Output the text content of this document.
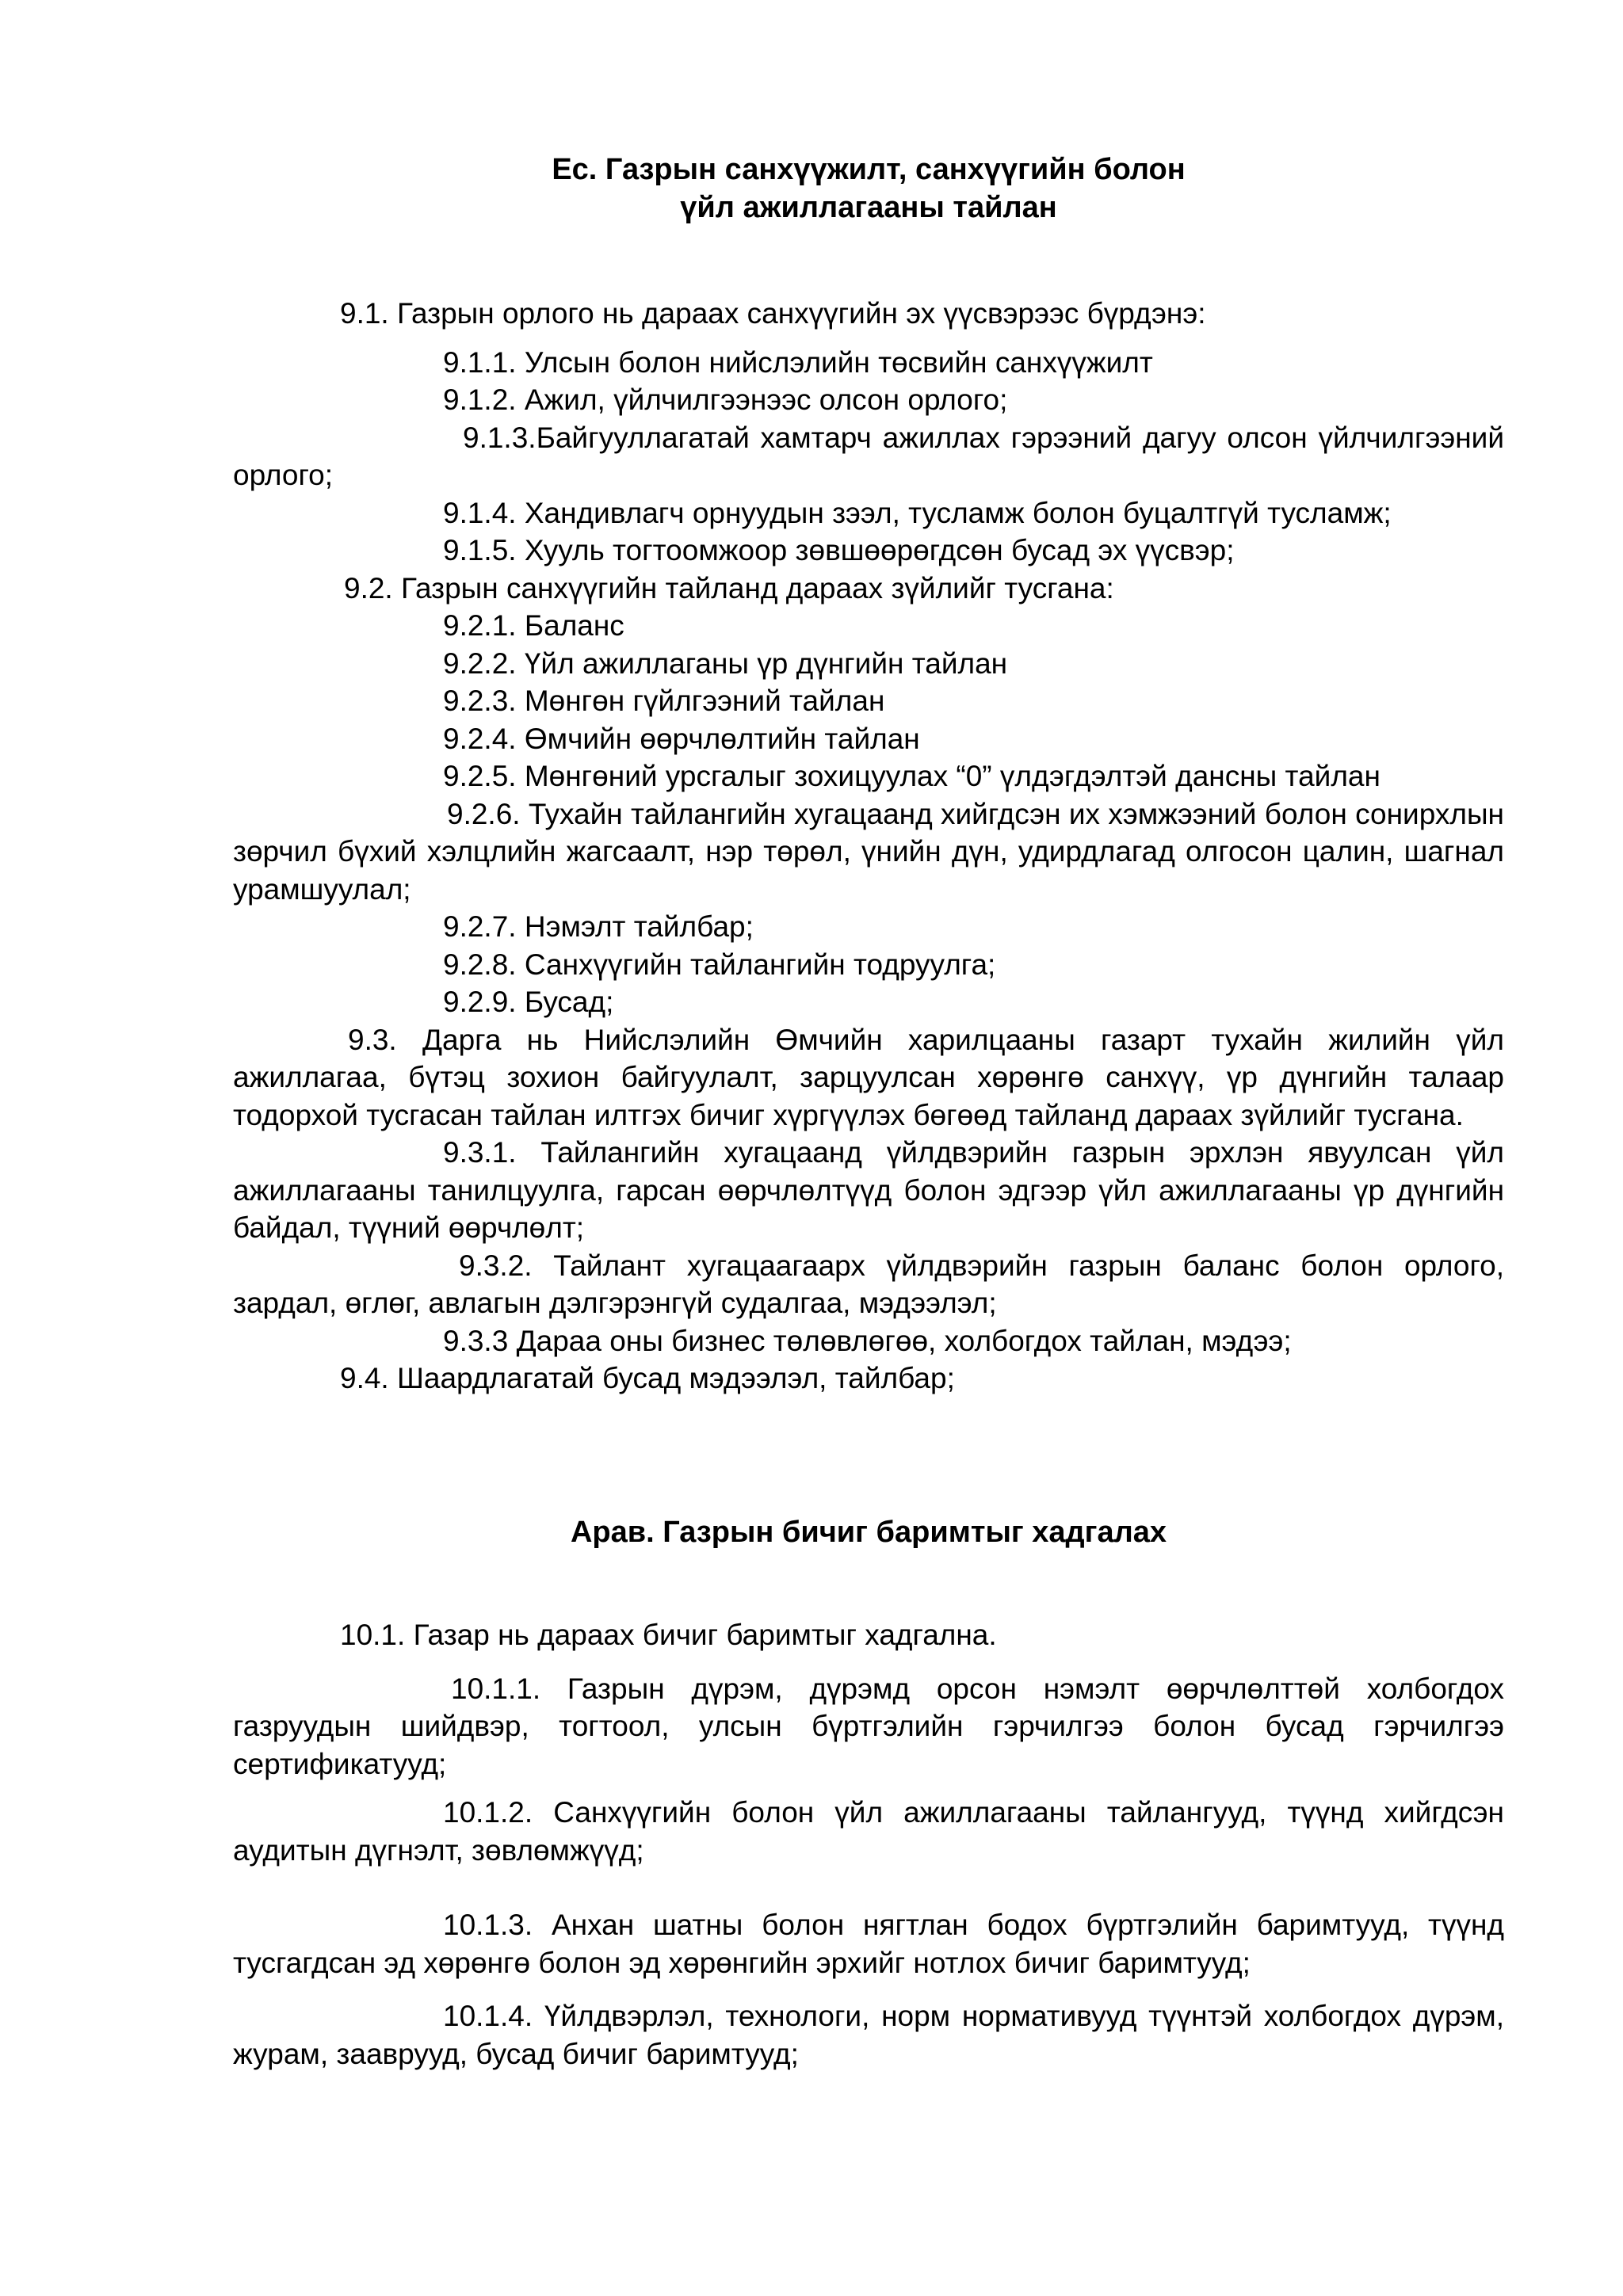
Ес. Газрын санхүүжилт, санхүүгийн болон
үйл ажиллагааны тайлан

9.1. Газрын орлого нь дараах санхүүгийн эх үүсвэрээс бүрдэнэ:

9.1.1. Улсын болон нийслэлийн төсвийн санхүүжилт

9.1.2. Ажил, үйлчилгээнээс олсон орлого;

9.1.3.Байгууллагатай хамтарч ажиллах гэрээний дагуу олсон үйлчилгээний орлого;

9.1.4. Хандивлагч орнуудын зээл, тусламж болон буцалтгүй тусламж;

9.1.5. Хууль тогтоомжоор зөвшөөрөгдсөн бусад эх үүсвэр;

9.2. Газрын санхүүгийн тайланд дараах зүйлийг тусгана:

9.2.1. Баланс

9.2.2. Үйл ажиллаганы үр дүнгийн тайлан

9.2.3. Мөнгөн гүйлгээний тайлан

9.2.4. Өмчийн өөрчлөлтийн тайлан

9.2.5. Мөнгөний урсгалыг зохицуулах “0” үлдэгдэлтэй дансны тайлан

9.2.6. Тухайн тайлангийн хугацаанд хийгдсэн их хэмжээний болон сонирхлын зөрчил бүхий хэлцлийн жагсаалт, нэр төрөл, үнийн дүн, удирдлагад олгосон цалин, шагнал урамшуулал;

9.2.7. Нэмэлт тайлбар;

9.2.8. Санхүүгийн тайлангийн тодруулга;

9.2.9. Бусад;

9.3. Дарга нь Нийслэлийн Өмчийн харилцааны газарт тухайн жилийн үйл ажиллагаа, бүтэц зохион байгуулалт, зарцуулсан хөрөнгө санхүү, үр дүнгийн талаар тодорхой тусгасан тайлан илтгэх бичиг хүргүүлэх бөгөөд тайланд дараах зүйлийг тусгана.

9.3.1. Тайлангийн хугацаанд үйлдвэрийн газрын эрхлэн явуулсан үйл ажиллагааны танилцуулга, гарсан өөрчлөлтүүд болон эдгээр үйл ажиллагааны үр дүнгийн байдал, түүний өөрчлөлт;

9.3.2. Тайлант хугацаагаарх үйлдвэрийн газрын баланс болон орлого, зардал, өглөг, авлагын дэлгэрэнгүй судалгаа, мэдээлэл;

9.3.3 Дараа оны бизнес төлөвлөгөө, холбогдох тайлан, мэдээ;

9.4. Шаардлагатай бусад мэдээлэл, тайлбар;

Арав. Газрын бичиг баримтыг хадгалах

10.1. Газар нь дараах бичиг баримтыг хадгална.

10.1.1. Газрын дүрэм, дүрэмд орсон нэмэлт өөрчлөлттөй холбогдох газруудын шийдвэр, тогтоол, улсын бүртгэлийн гэрчилгээ болон бусад гэрчилгээ сертификатууд;

10.1.2. Санхүүгийн болон үйл ажиллагааны тайлангууд, түүнд хийгдсэн аудитын дүгнэлт, зөвлөмжүүд;

10.1.3. Анхан шатны болон нягтлан бодох бүртгэлийн баримтууд, түүнд тусгагдсан эд хөрөнгө болон эд хөрөнгийн эрхийг нотлох бичиг баримтууд;

10.1.4. Үйлдвэрлэл, технологи, норм нормативууд түүнтэй холбогдох дүрэм, журам, зааврууд, бусад бичиг баримтууд;
